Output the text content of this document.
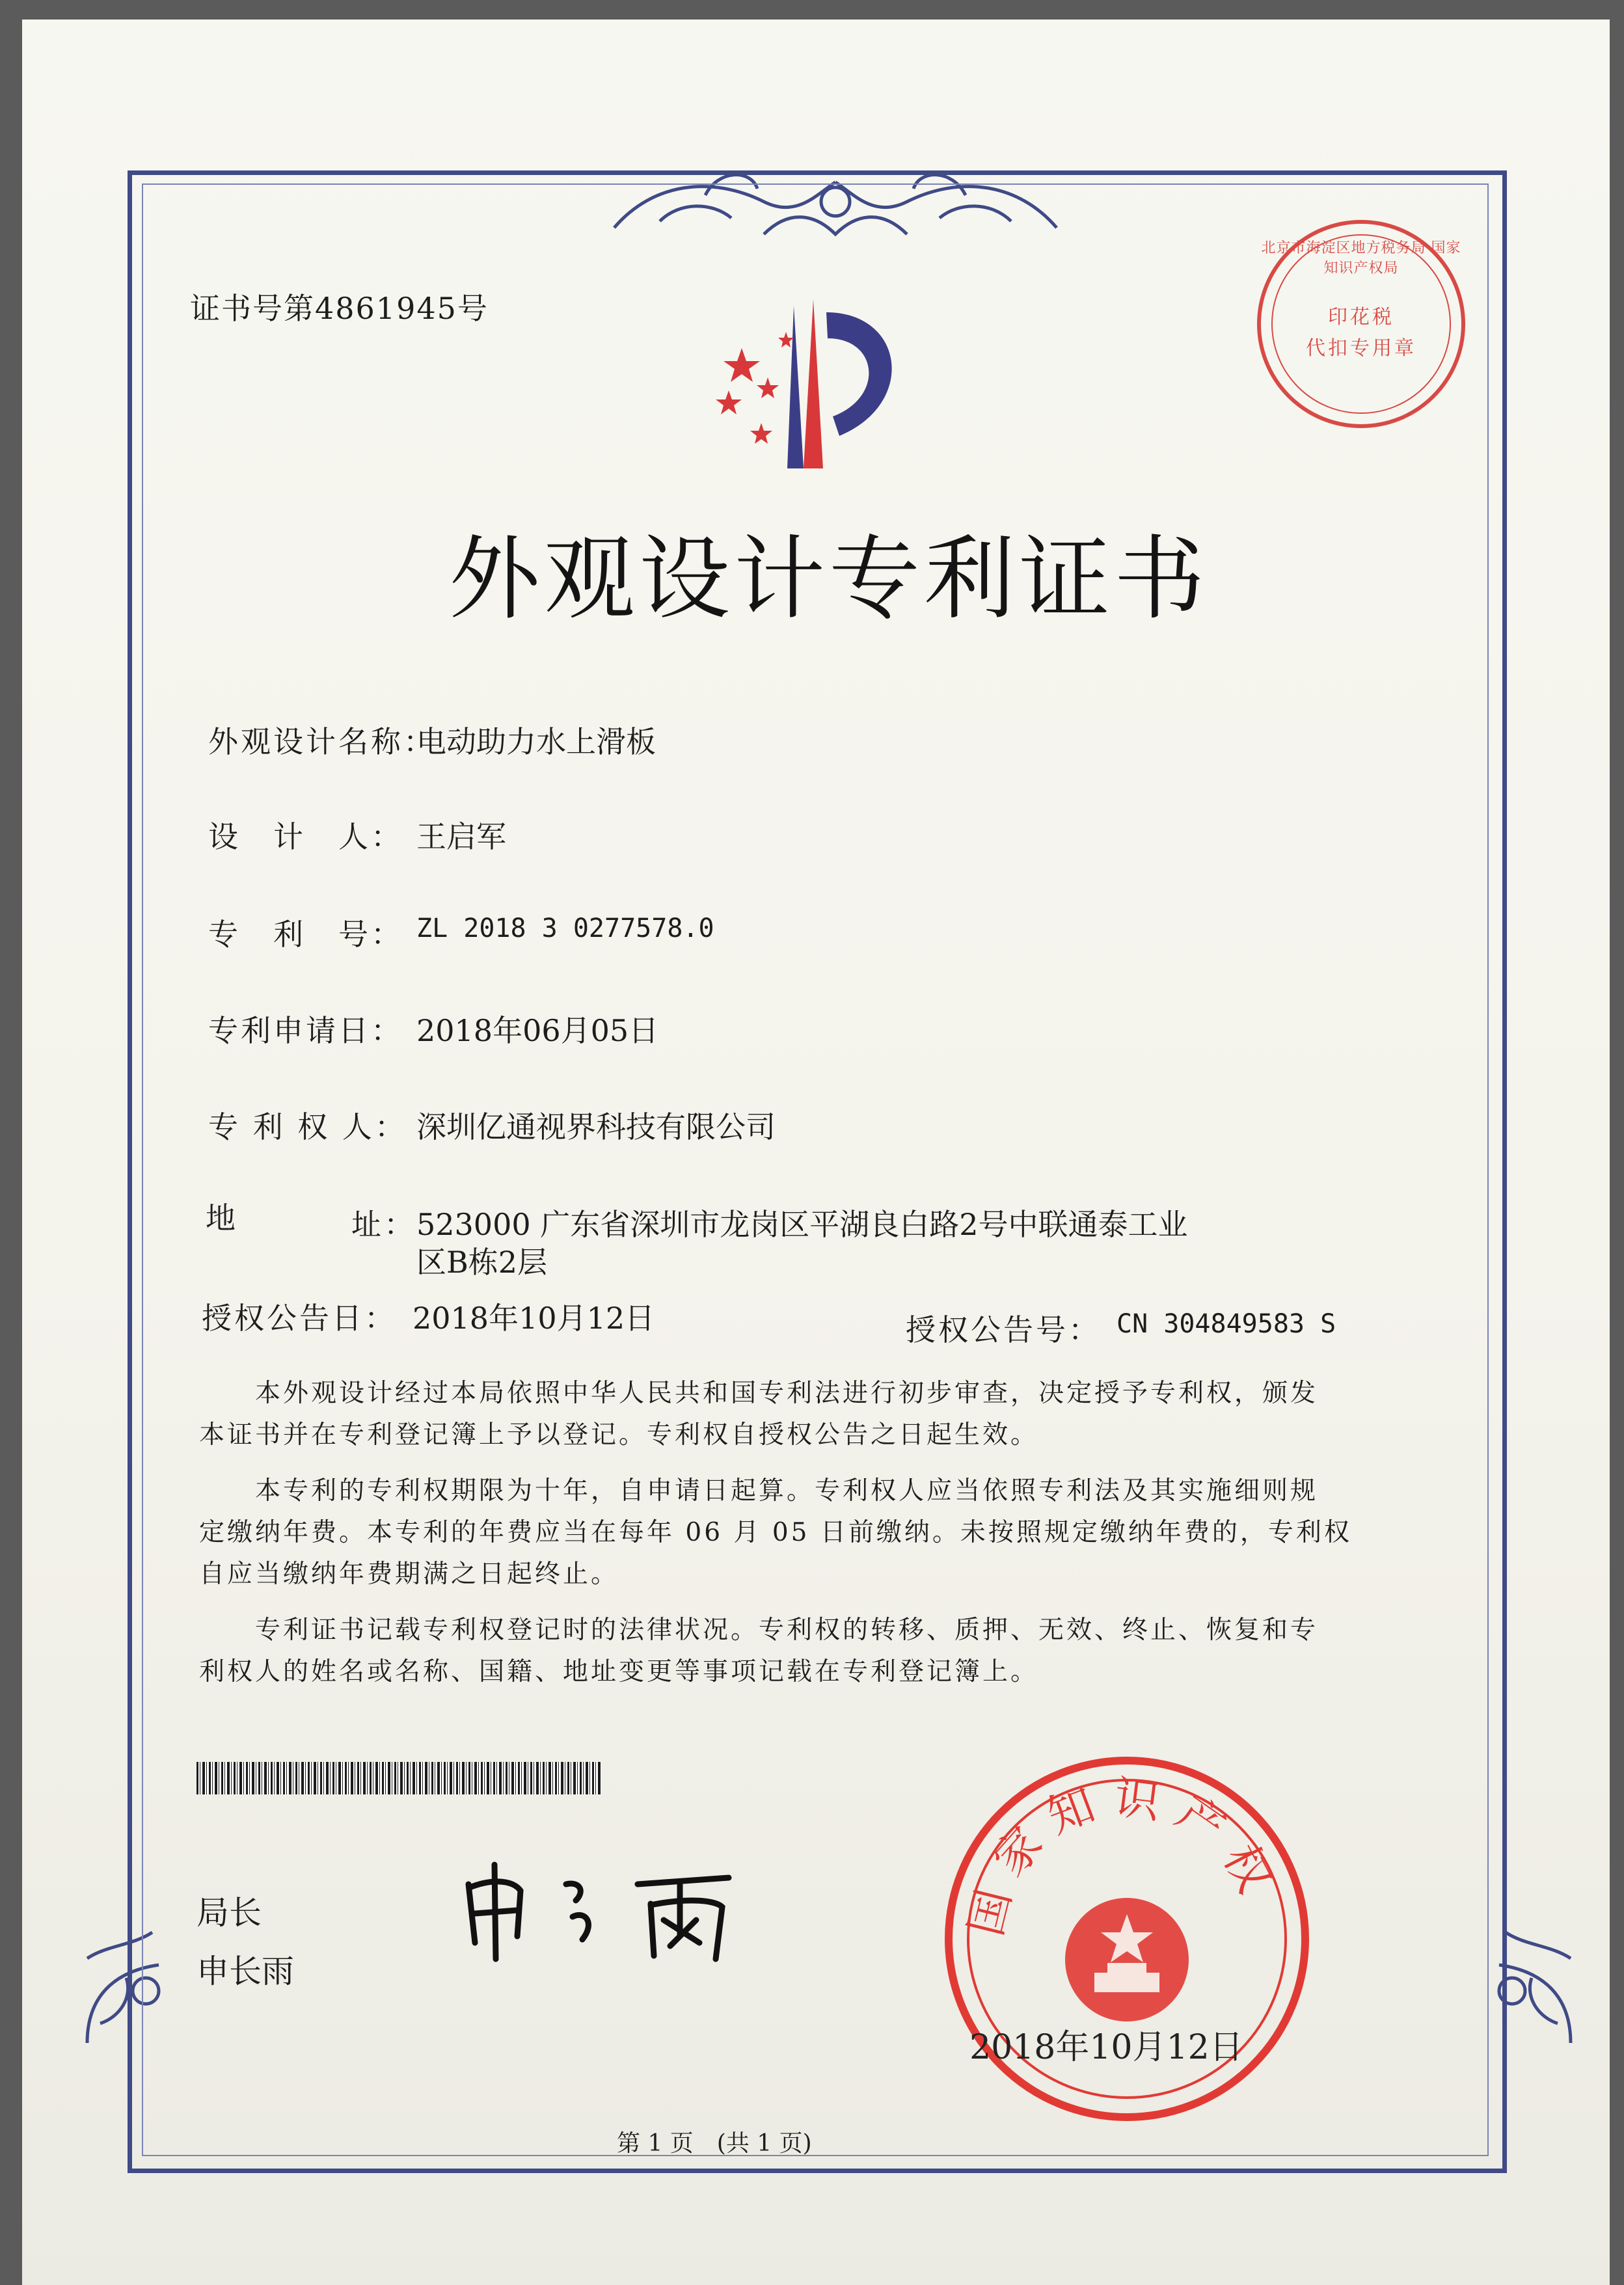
证书号第4861945号
北京市海淀区地方税务局 国家知识产权局
印花税
代扣专用章
外观设计专利证书
外观设计名称：
电动助力水上滑板
设　计　人： 王启军
专　利　号： ZL 2018 3 0277578.0
专利申请日： 2018年06月05日
专 利 权 人： 深圳亿通视界科技有限公司
地	址： 523000 广东省深圳市龙岗区平湖良白路2号中联通泰工业
区B栋2层
授权公告日： 2018年10月12日	授权公告号： CN 304849583 S
本外观设计经过本局依照中华人民共和国专利法进行初步审查，决定授予专利权，颁发
本证书并在专利登记簿上予以登记。专利权自授权公告之日起生效。
本专利的专利权期限为十年，自申请日起算。专利权人应当依照专利法及其实施细则规
定缴纳年费。本专利的年费应当在每年 06 月 05 日前缴纳。未按照规定缴纳年费的，专利权
自应当缴纳年费期满之日起终止。
专利证书记载专利权登记时的法律状况。专利权的转移、质押、无效、终止、恢复和专
利权人的姓名或名称、国籍、地址变更等事项记载在专利登记簿上。
局长
申长雨
国家知识产权
2018年10月12日
第 1 页　(共 1 页)
